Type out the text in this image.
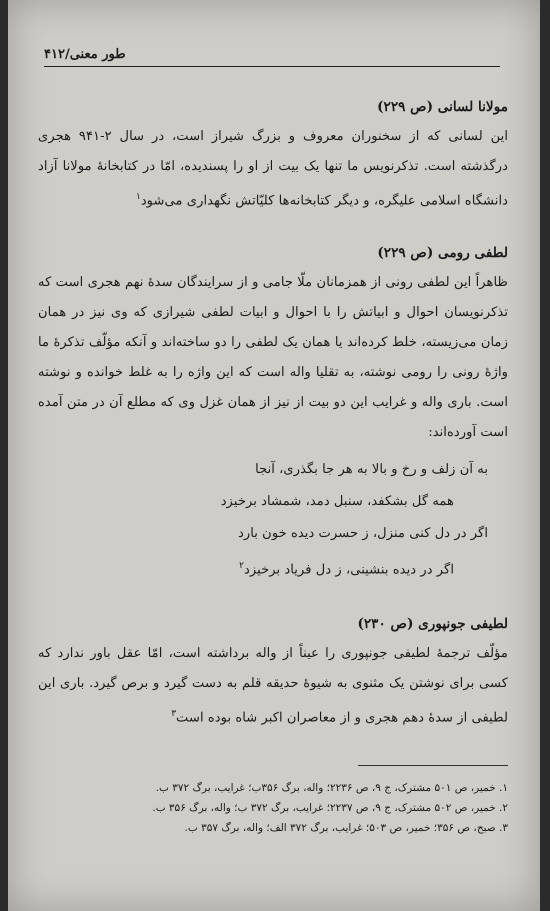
طور معنی/۴۱۲

مولانا لسانی (ص ۲۲۹)

این لسانی که از سخنوران معروف و بزرگ شیراز است، در سال ۲-۹۴۱ هجری درگذشته است. تذکرنویس ما تنها یک بیت از او را پسندیده، امّا در کتابخانهٔ مولانا آزاد دانشگاه اسلامی علیگره، و دیگر کتابخانه‌ها کلیّاتش نگهداری می‌شود$^۱$

لطفی رومی (ص ۲۲۹)

ظاهراً این لطفی رونی از همزمانان ملّا جامی و از سرایندگان سدهٔ نهم هجری است که تذکرنویسان احوال و ابیاتش را با احوال و ابیات لطفی شیرازی که وی نیز در همان زمان می‌زیسته، خلط کرده‌اند یا همان یک لطفی را دو ساخته‌اند و آنکه مؤلّف تذکرهٔ ما واژهٔ رونی را رومی نوشته، به تقلیا واله است که این واژه را به غلط خوانده و نوشته است. باری واله و غرایب این دو بیت از نیز از همان غزل وی که مطلع آن در متن آمده است آورده‌اند:

به آن زلف و رخ و بالا به هر جا بگذری، آنجا

همه گل بشکفد، سنبل دمد، شمشاد برخیزد

اگر در دل کنی منزل، ز حسرت دیده خون بارد

اگر در دیده بنشینی، ز دل فریاد برخیزد$^۲$

لطیفی جونپوری (ص ۲۳۰)

مؤلّف ترجمهٔ لطیفی جونپوری را عیناً از واله برداشته است، امّا عقل باور ندارد که کسی برای نوشتن یک مثنوی به شیوهٔ حدیقه قلم به دست گیرد و برص گیرد. باری این لطیفی از سدهٔ دهم هجری و از معاصران اکبر شاه بوده است$^۳$

۱. خمیر، ص ۵۰۱ مشترک، ج ۹، ص ۲۲۳۶؛ واله، برگ ۳۵۶ب؛ غرایب، برگ ۳۷۲ ب.

۲. خمیر، ص ۵۰۲ مشترک، ج ۹، ص ۲۲۳۷؛ غرایب، برگ ۳۷۲ ب؛ واله، برگ ۳۵۶ ب.

۳. صبح، ص ۳۵۶؛ خمیر، ص ۵۰۳؛ غرایب، برگ ۳۷۲ الف؛ واله، برگ ۳۵۷ ب.
